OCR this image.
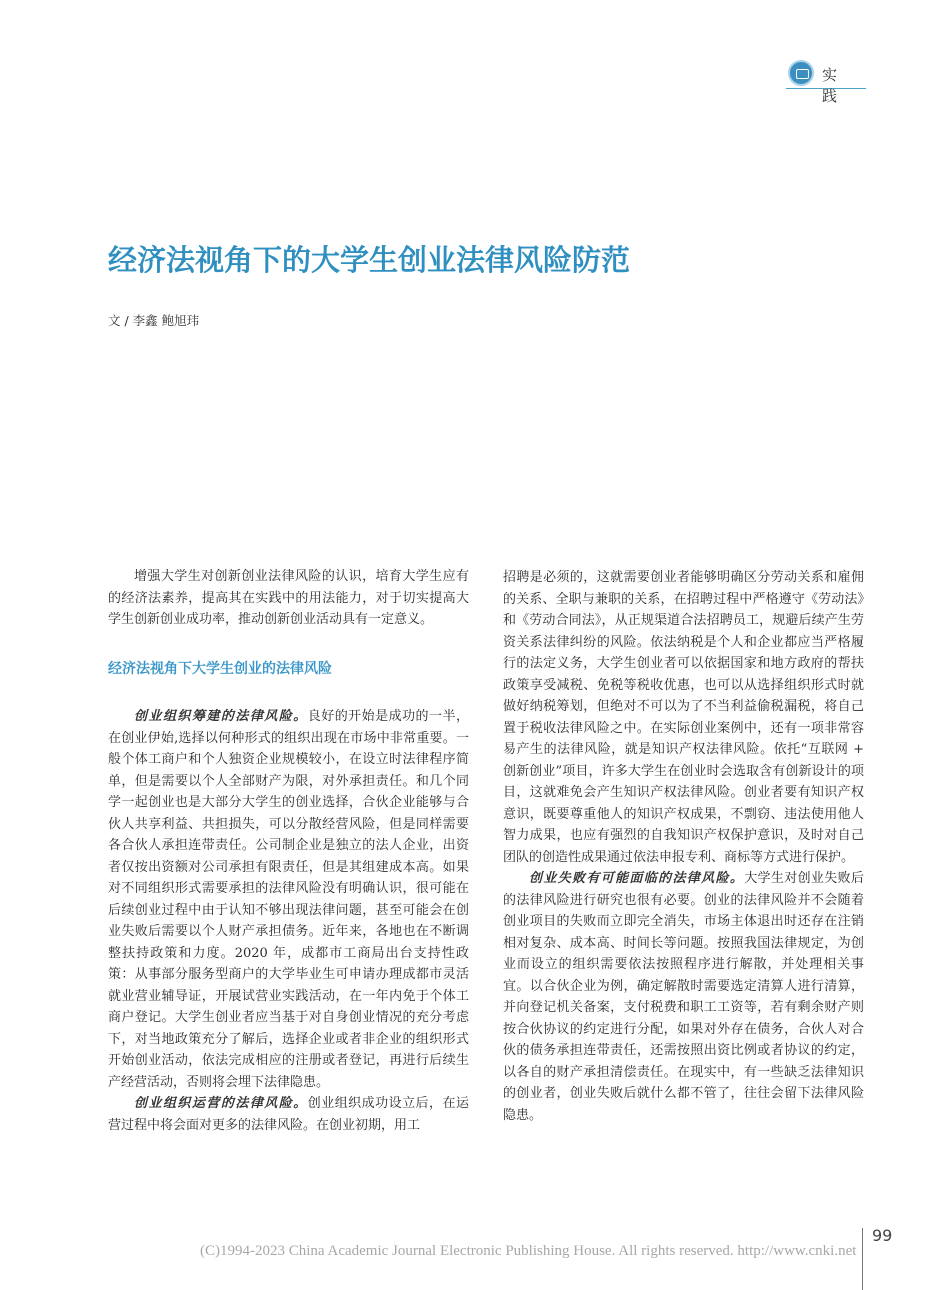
实 践
经济法视角下的大学生创业法律风险防范
文 / 李鑫 鲍旭玮

增强大学生对创新创业法律风险的认识，培育大学生应有的经济法素养，提高其在实践中的用法能力，对于切实提高大学生创新创业成功率，推动创新创业活动具有一定意义。

经济法视角下大学生创业的法律风险

创业组织筹建的法律风险。良好的开始是成功的一半，在创业伊始,选择以何种形式的组织出现在市场中非常重要。一般个体工商户和个人独资企业规模较小，在设立时法律程序简单，但是需要以个人全部财产为限，对外承担责任。和几个同学一起创业也是大部分大学生的创业选择，合伙企业能够与合伙人共享利益、共担损失，可以分散经营风险，但是同样需要各合伙人承担连带责任。公司制企业是独立的法人企业，出资者仅按出资额对公司承担有限责任，但是其组建成本高。如果对不同组织形式需要承担的法律风险没有明确认识，很可能在后续创业过程中由于认知不够出现法律问题，甚至可能会在创业失败后需要以个人财产承担债务。近年来，各地也在不断调整扶持政策和力度。2020 年，成都市工商局出台支持性政策：从事部分服务型商户的大学毕业生可申请办理成都市灵活就业营业辅导证，开展试营业实践活动，在一年内免于个体工商户登记。大学生创业者应当基于对自身创业情况的充分考虑下，对当地政策充分了解后，选择企业或者非企业的组织形式开始创业活动，依法完成相应的注册或者登记，再进行后续生产经营活动，否则将会埋下法律隐患。

创业组织运营的法律风险。创业组织成功设立后，在运营过程中将会面对更多的法律风险。在创业初期，用工

招聘是必须的，这就需要创业者能够明确区分劳动关系和雇佣的关系、全职与兼职的关系，在招聘过程中严格遵守《劳动法》和《劳动合同法》，从正规渠道合法招聘员工，规避后续产生劳资关系法律纠纷的风险。依法纳税是个人和企业都应当严格履行的法定义务，大学生创业者可以依据国家和地方政府的帮扶政策享受减税、免税等税收优惠，也可以从选择组织形式时就做好纳税筹划，但绝对不可以为了不当利益偷税漏税，将自己置于税收法律风险之中。在实际创业案例中，还有一项非常容易产生的法律风险，就是知识产权法律风险。依托“互联网 + 创新创业”项目，许多大学生在创业时会选取含有创新设计的项目，这就难免会产生知识产权法律风险。创业者要有知识产权意识，既要尊重他人的知识产权成果，不剽窃、违法使用他人智力成果，也应有强烈的自我知识产权保护意识，及时对自己团队的创造性成果通过依法申报专利、商标等方式进行保护。

创业失败有可能面临的法律风险。大学生对创业失败后的法律风险进行研究也很有必要。创业的法律风险并不会随着创业项目的失败而立即完全消失，市场主体退出时还存在注销相对复杂、成本高、时间长等问题。按照我国法律规定，为创业而设立的组织需要依法按照程序进行解散，并处理相关事宜。以合伙企业为例，确定解散时需要选定清算人进行清算，并向登记机关备案，支付税费和职工工资等，若有剩余财产则按合伙协议的约定进行分配，如果对外存在债务，合伙人对合伙的债务承担连带责任，还需按照出资比例或者协议的约定，以各自的财产承担清偿责任。在现实中，有一些缺乏法律知识的创业者，创业失败后就什么都不管了，往往会留下法律风险隐患。

99
(C)1994-2023 China Academic Journal Electronic Publishing House. All rights reserved. http://www.cnki.net
